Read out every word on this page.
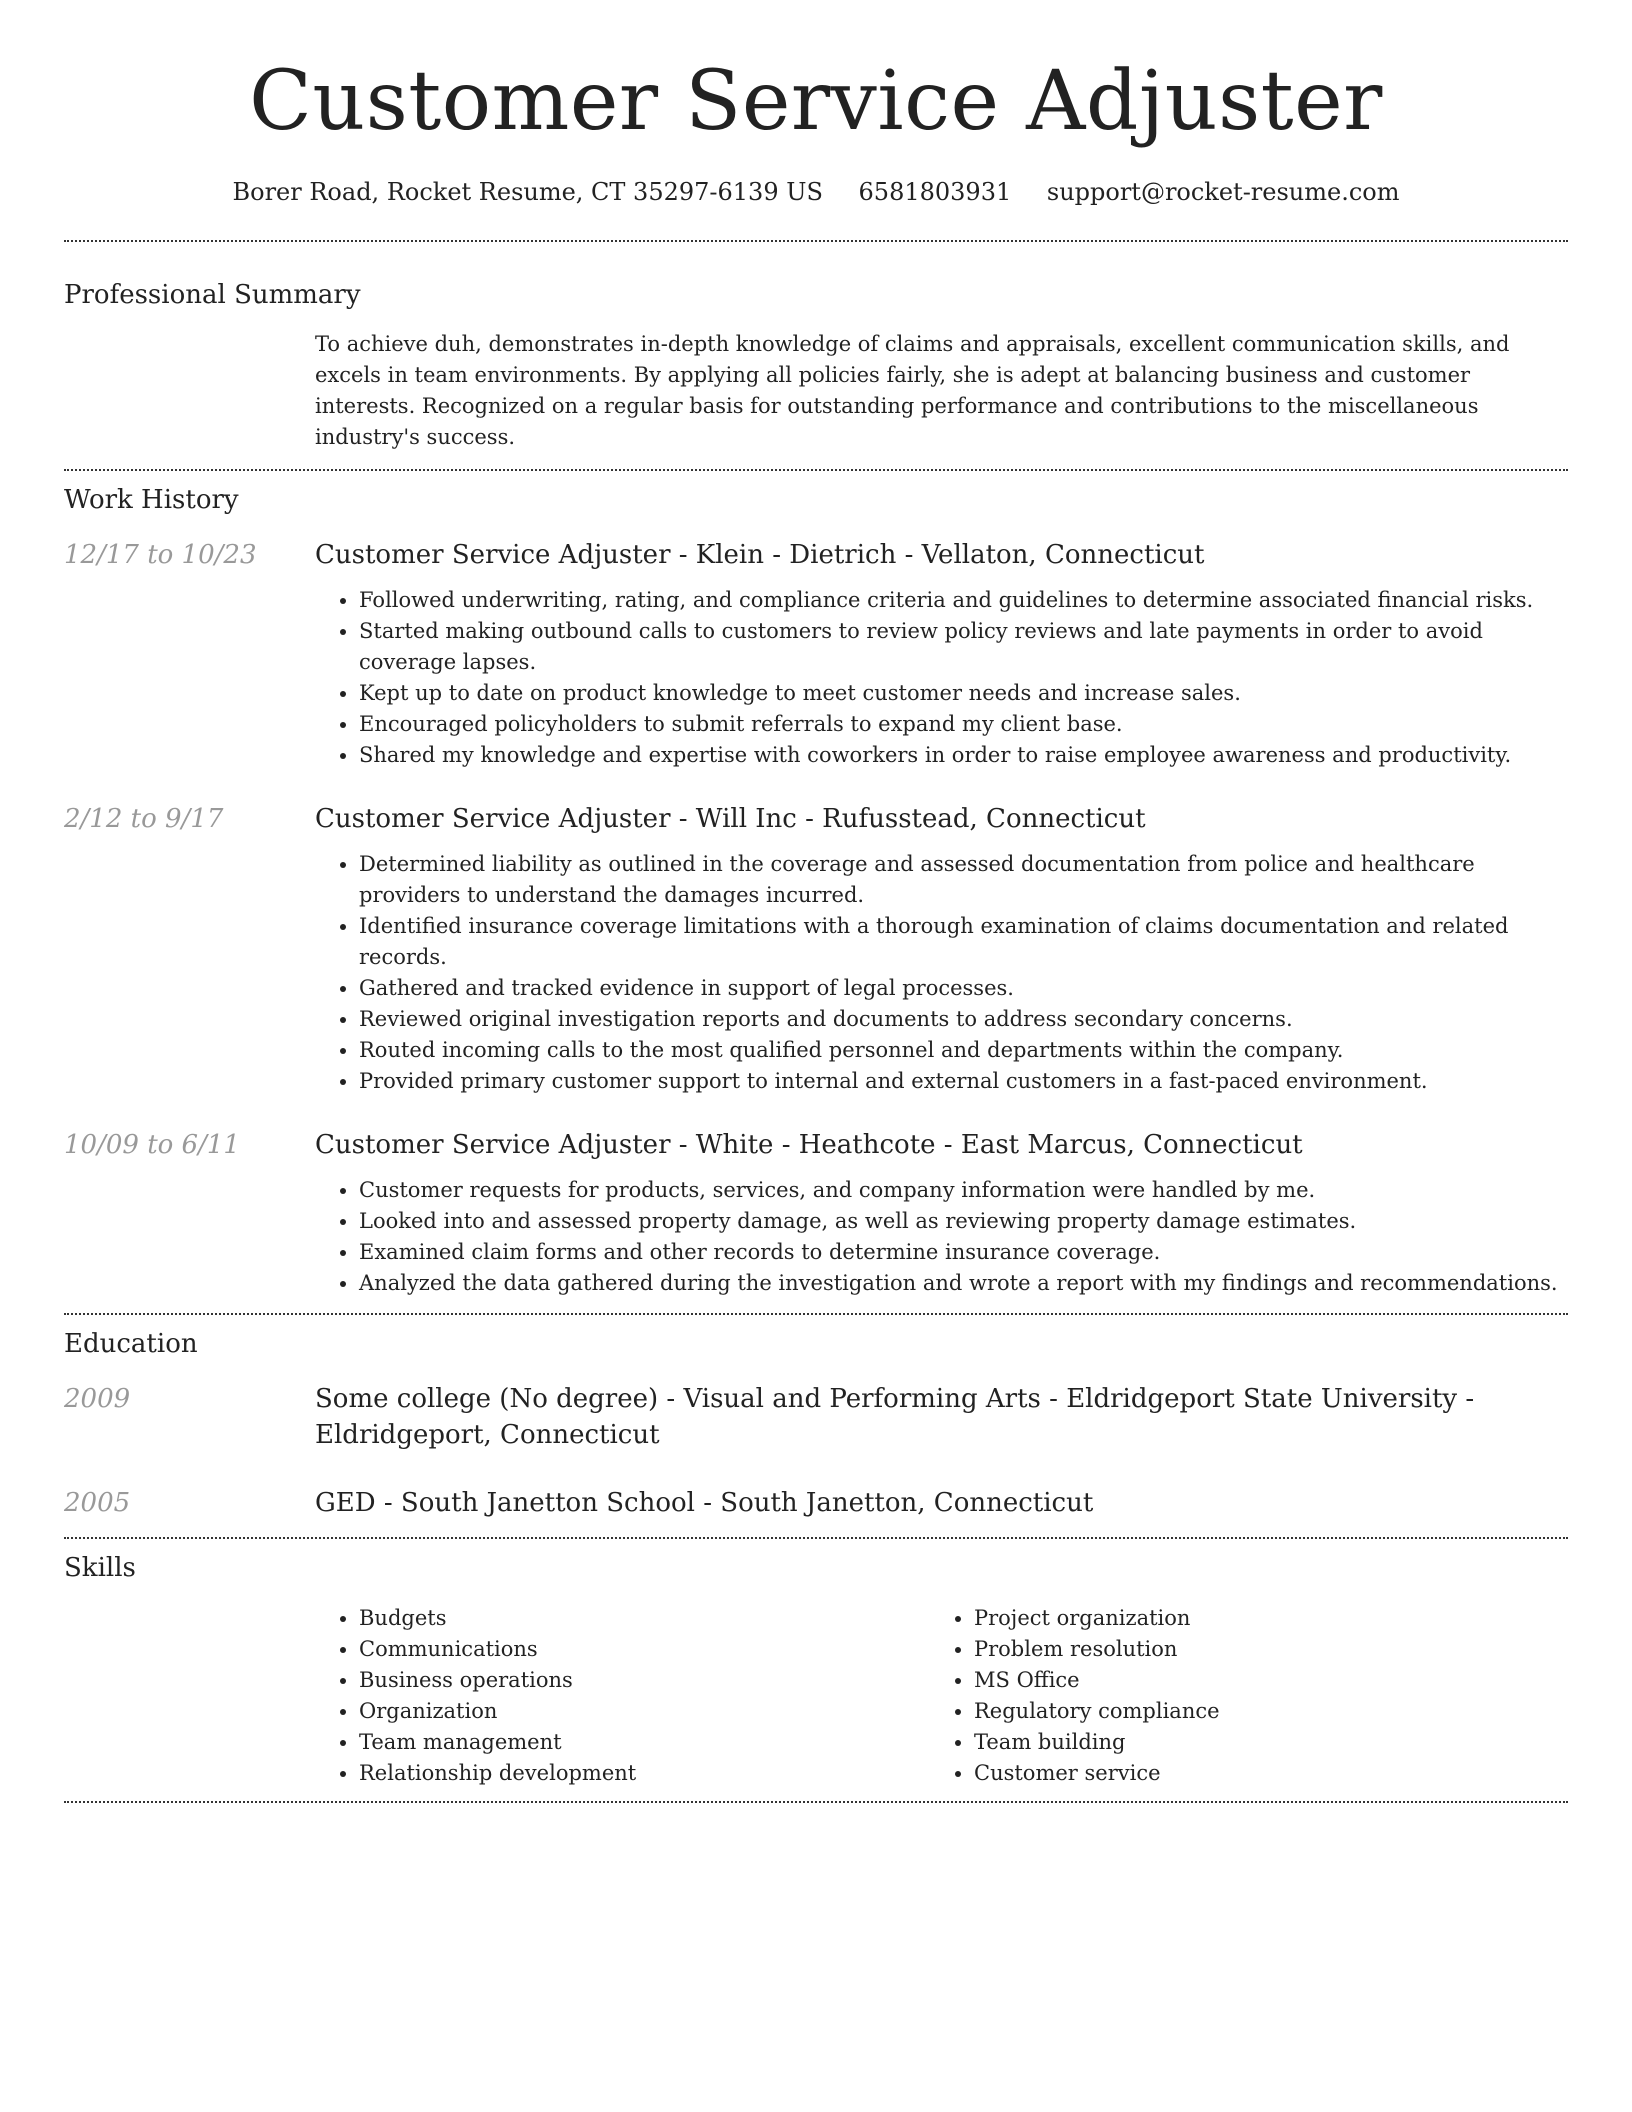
Customer Service Adjuster
Borer Road, Rocket Resume, CT 35297-6139 US 6581803931 support@rocket-resume.com
Professional Summary

To achieve duh, demonstrates in-depth knowledge of claims and appraisals, excellent communication skills, and excels in team environments. By applying all policies fairly, she is adept at balancing business and customer interests. Recognized on a regular basis for outstanding performance and contributions to the miscellaneous industry's success.

Work History
12/17 to 10/23	Customer Service Adjuster - Klein - Dietrich - Vellaton, Connecticut
• Followed underwriting, rating, and compliance criteria and guidelines to determine associated financial risks.
• Started making outbound calls to customers to review policy reviews and late payments in order to avoid coverage lapses.
• Kept up to date on product knowledge to meet customer needs and increase sales.
• Encouraged policyholders to submit referrals to expand my client base.
• Shared my knowledge and expertise with coworkers in order to raise employee awareness and productivity.
2/12 to 9/17	Customer Service Adjuster - Will Inc - Rufusstead, Connecticut
• Determined liability as outlined in the coverage and assessed documentation from police and healthcare providers to understand the damages incurred.
• Identified insurance coverage limitations with a thorough examination of claims documentation and related records.
• Gathered and tracked evidence in support of legal processes.
• Reviewed original investigation reports and documents to address secondary concerns.
• Routed incoming calls to the most qualified personnel and departments within the company.
• Provided primary customer support to internal and external customers in a fast-paced environment.
10/09 to 6/11	Customer Service Adjuster - White - Heathcote - East Marcus, Connecticut
• Customer requests for products, services, and company information were handled by me.
• Looked into and assessed property damage, as well as reviewing property damage estimates.
• Examined claim forms and other records to determine insurance coverage.
• Analyzed the data gathered during the investigation and wrote a report with my findings and recommendations.
Education
2009	Some college (No degree) - Visual and Performing Arts - Eldridgeport State University - Eldridgeport, Connecticut
2005	GED - South Janetton School - South Janetton, Connecticut
Skills
• Budgets
• Communications
• Business operations
• Organization
• Team management
• Relationship development
• Project organization
• Problem resolution
• MS Office
• Regulatory compliance
• Team building
• Customer service
